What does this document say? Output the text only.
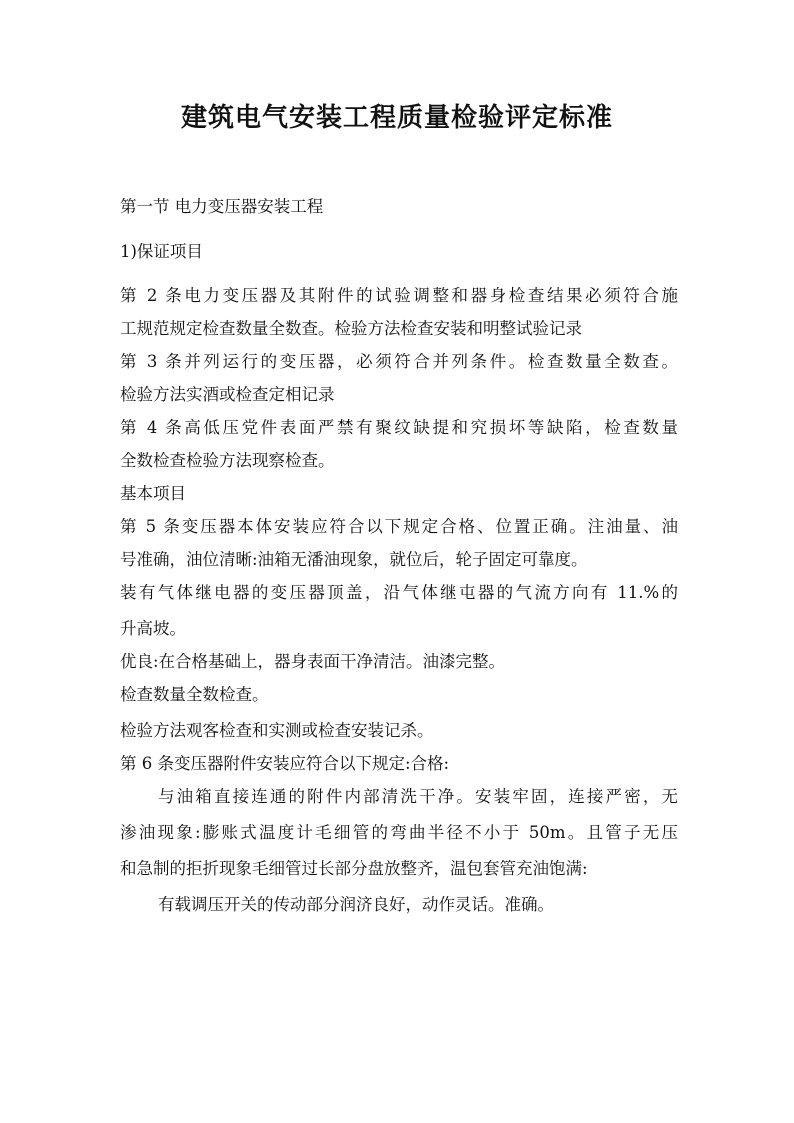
建筑电气安装工程质量检验评定标准
第一节 电力变压器安装工程
1)保证项目
第 2 条电力变压器及其附件的试验调整和器身检查结果必须符合施
工规范规定检查数量全数查。检验方法检查安装和明整试验记录
第 3 条并列运行的变压器，必须符合并列条件。检查数量全数查。
检验方法实酒或检查定相记录
第 4 条高低压党件表面严禁有聚纹缺提和究损坏等缺陷，检查数量
全数检查检验方法现察检查。
基本项目
第 5 条变压器本体安装应符合以下规定合格、位置正确。注油量、油
号准确，油位清晰:油箱无潘油现象，就位后，轮子固定可靠度。
装有气体继电器的变压器顶盖，沿气体继屯器的气流方向有 11.%的
升高坡。
优良:在合格基础上，器身表面干净清洁。油漆完整。
检查数量全数检查。
检验方法观客检查和实测或检查安装记杀。
第 6 条变压器附件安装应符合以下规定:合格:
与油箱直接连通的附件内部清洗干净。安装牢固，连接严密，无
渗油现象:膨账式温度计毛细管的弯曲半径不小于 50m。且管子无压
和急制的拒折现象毛细管过长部分盘放整齐，温包套管充油饱满:
有载调压开关的传动部分润济良好，动作灵话。准确。
